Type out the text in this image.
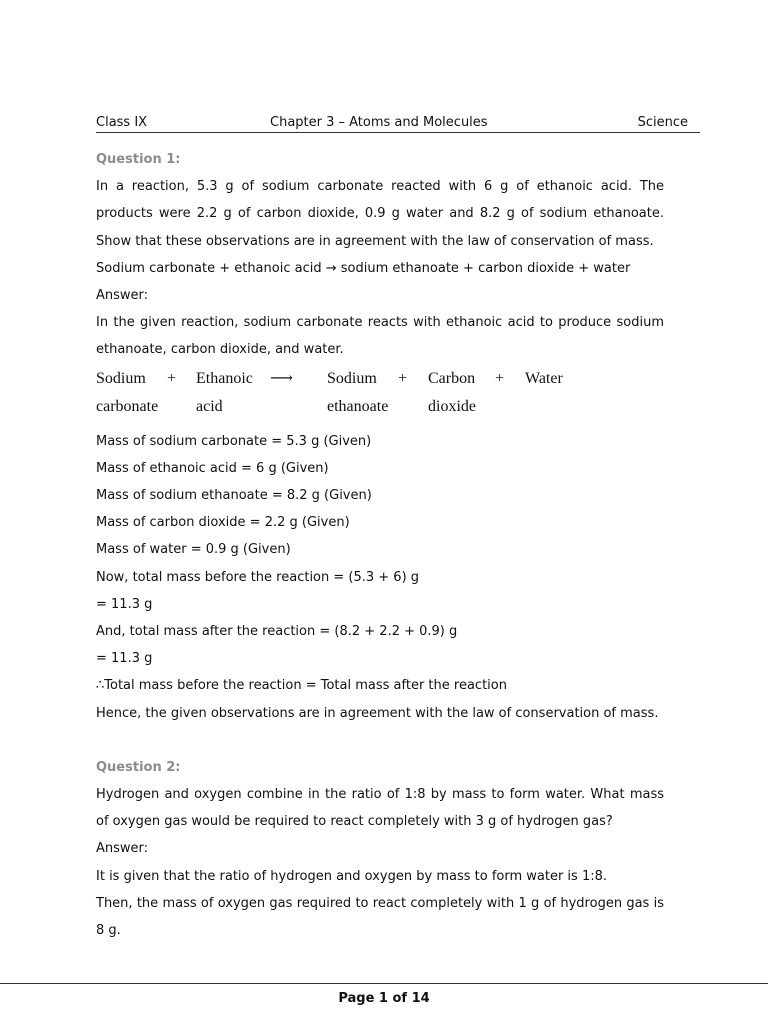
Class IX	Chapter 3 – Atoms and Molecules	Science

Question 1:

In a reaction, 5.3 g of sodium carbonate reacted with 6 g of ethanoic acid. The products were 2.2 g of carbon dioxide, 0.9 g water and 8.2 g of sodium ethanoate. Show that these observations are in agreement with the law of conservation of mass.

Sodium carbonate + ethanoic acid → sodium ethanoate + carbon dioxide + water

Answer:

In the given reaction, sodium carbonate reacts with ethanoic acid to produce sodium ethanoate, carbon dioxide, and water.

Sodium
carbonate
+ Ethanoic
acid
⟶ Sodium
ethanoate
+ Carbon
dioxide
+ Water

Mass of sodium carbonate = 5.3 g (Given)

Mass of ethanoic acid = 6 g (Given)

Mass of sodium ethanoate = 8.2 g (Given)

Mass of carbon dioxide = 2.2 g (Given)

Mass of water = 0.9 g (Given)

Now, total mass before the reaction = (5.3 + 6) g

= 11.3 g

And, total mass after the reaction = (8.2 + 2.2 + 0.9) g

= 11.3 g

∴Total mass before the reaction = Total mass after the reaction

Hence, the given observations are in agreement with the law of conservation of mass.

Question 2:

Hydrogen and oxygen combine in the ratio of 1:8 by mass to form water. What mass of oxygen gas would be required to react completely with 3 g of hydrogen gas?

Answer:

It is given that the ratio of hydrogen and oxygen by mass to form water is 1:8.

Then, the mass of oxygen gas required to react completely with 1 g of hydrogen gas is 8 g.

Page 1 of 14
